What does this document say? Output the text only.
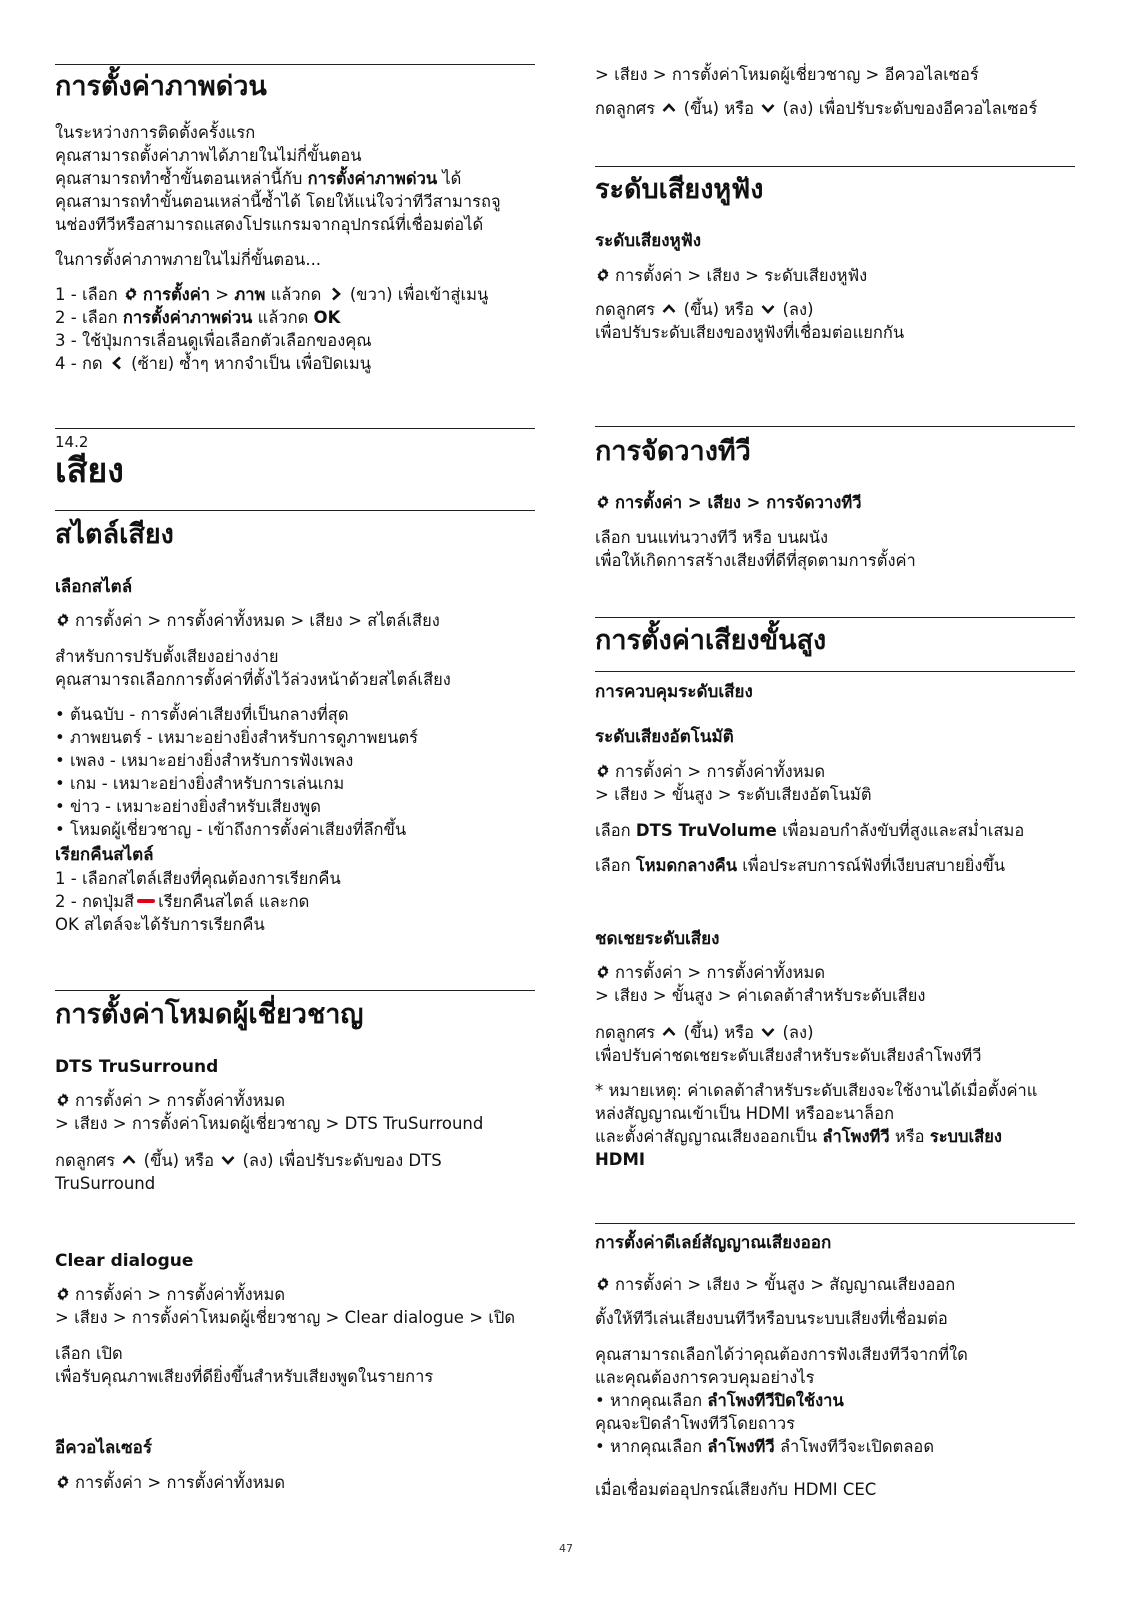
การตั้งค่าภาพด่วน
ในระหว่างการติดตั้งครั้งแรก
คุณสามารถตั้งค่าภาพได้ภายในไม่กี่ขั้นตอน
คุณสามารถทำซ้ำขั้นตอนเหล่านี้กับ การตั้งค่าภาพด่วน ได้
คุณสามารถทำขั้นตอนเหล่านี้ซ้ำได้ โดยให้แน่ใจว่าทีวีสามารถจู
นช่องทีวีหรือสามารถแสดงโปรแกรมจากอุปกรณ์ที่เชื่อมต่อได้
ในการตั้งค่าภาพภายในไม่กี่ขั้นตอน...
1 - เลือก การตั้งค่า > ภาพ แล้วกด (ขวา) เพื่อเข้าสู่เมนู
2 - เลือก การตั้งค่าภาพด่วน แล้วกด OK
3 - ใช้ปุ่มการเลื่อนดูเพื่อเลือกตัวเลือกของคุณ
4 - กด (ซ้าย) ซ้ำๆ หากจำเป็น เพื่อปิดเมนู
14.2
เสียง
สไตล์เสียง
เลือกสไตล์
การตั้งค่า > การตั้งค่าทั้งหมด > เสียง > สไตล์เสียง
สำหรับการปรับตั้งเสียงอย่างง่าย
คุณสามารถเลือกการตั้งค่าที่ตั้งไว้ล่วงหน้าด้วยสไตล์เสียง
• ต้นฉบับ - การตั้งค่าเสียงที่เป็นกลางที่สุด
• ภาพยนตร์ - เหมาะอย่างยิ่งสำหรับการดูภาพยนตร์
• เพลง - เหมาะอย่างยิ่งสำหรับการฟังเพลง
• เกม - เหมาะอย่างยิ่งสำหรับการเล่นเกม
• ข่าว - เหมาะอย่างยิ่งสำหรับเสียงพูด
• โหมดผู้เชี่ยวชาญ - เข้าถึงการตั้งค่าเสียงที่ลึกขึ้น
เรียกคืนสไตล์
1 - เลือกสไตล์เสียงที่คุณต้องการเรียกคืน
2 - กดปุ่มสี เรียกคืนสไตล์ และกด
OK สไตล์จะได้รับการเรียกคืน
การตั้งค่าโหมดผู้เชี่ยวชาญ
DTS TruSurround
การตั้งค่า > การตั้งค่าทั้งหมด
> เสียง > การตั้งค่าโหมดผู้เชี่ยวชาญ > DTS TruSurround
กดลูกศร (ขึ้น) หรือ (ลง) เพื่อปรับระดับของ DTS
TruSurround
Clear dialogue
การตั้งค่า > การตั้งค่าทั้งหมด
> เสียง > การตั้งค่าโหมดผู้เชี่ยวชาญ > Clear dialogue > เปิด
เลือก เปิด
เพื่อรับคุณภาพเสียงที่ดียิ่งขึ้นสำหรับเสียงพูดในรายการ
อีควอไลเซอร์
การตั้งค่า > การตั้งค่าทั้งหมด
> เสียง > การตั้งค่าโหมดผู้เชี่ยวชาญ > อีควอไลเซอร์
กดลูกศร (ขึ้น) หรือ (ลง) เพื่อปรับระดับของอีควอไลเซอร์
ระดับเสียงหูฟัง
ระดับเสียงหูฟัง
การตั้งค่า > เสียง > ระดับเสียงหูฟัง
กดลูกศร (ขึ้น) หรือ (ลง)
เพื่อปรับระดับเสียงของหูฟังที่เชื่อมต่อแยกกัน
การจัดวางทีวี
การตั้งค่า > เสียง > การจัดวางทีวี
เลือก บนแท่นวางทีวี หรือ บนผนัง
เพื่อให้เกิดการสร้างเสียงที่ดีที่สุดตามการตั้งค่า
การตั้งค่าเสียงขั้นสูง
การควบคุมระดับเสียง
ระดับเสียงอัตโนมัติ
การตั้งค่า > การตั้งค่าทั้งหมด
> เสียง > ขั้นสูง > ระดับเสียงอัตโนมัติ
เลือก DTS TruVolume เพื่อมอบกำลังขับที่สูงและสม่ำเสมอ
เลือก โหมดกลางคืน เพื่อประสบการณ์ฟังที่เงียบสบายยิ่งขึ้น
ชดเชยระดับเสียง
การตั้งค่า > การตั้งค่าทั้งหมด
> เสียง > ขั้นสูง > ค่าเดลต้าสำหรับระดับเสียง
กดลูกศร (ขึ้น) หรือ (ลง)
เพื่อปรับค่าชดเชยระดับเสียงสำหรับระดับเสียงลำโพงทีวี
* หมายเหตุ: ค่าเดลต้าสำหรับระดับเสียงจะใช้งานได้เมื่อตั้งค่าแ
หล่งสัญญาณเข้าเป็น HDMI หรืออะนาล็อก
และตั้งค่าสัญญาณเสียงออกเป็น ลำโพงทีวี หรือ ระบบเสียง
HDMI
การตั้งค่าดีเลย์สัญญาณเสียงออก
การตั้งค่า > เสียง > ขั้นสูง > สัญญาณเสียงออก
ตั้งให้ทีวีเล่นเสียงบนทีวีหรือบนระบบเสียงที่เชื่อมต่อ
คุณสามารถเลือกได้ว่าคุณต้องการฟังเสียงทีวีจากที่ใด
และคุณต้องการควบคุมอย่างไร
• หากคุณเลือก ลำโพงทีวีปิดใช้งาน
คุณจะปิดลำโพงทีวีโดยถาวร
• หากคุณเลือก ลำโพงทีวี ลำโพงทีวีจะเปิดตลอด
เมื่อเชื่อมต่ออุปกรณ์เสียงกับ HDMI CEC
47
